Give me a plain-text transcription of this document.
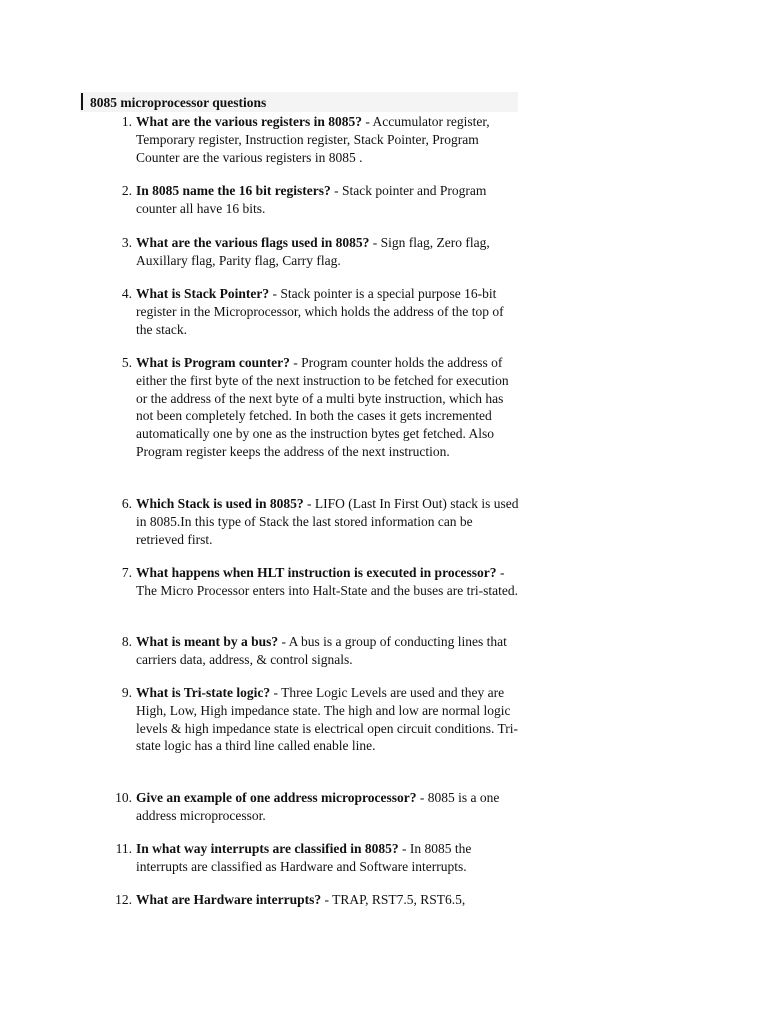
8085 microprocessor questions
1. What are the various registers in 8085? - Accumulator register, Temporary register, Instruction register, Stack Pointer, Program Counter are the various registers in 8085 .
2. In 8085 name the 16 bit registers? - Stack pointer and Program counter all have 16 bits.
3. What are the various flags used in 8085? - Sign flag, Zero flag, Auxillary flag, Parity flag, Carry flag.
4. What is Stack Pointer? - Stack pointer is a special purpose 16-bit register in the Microprocessor, which holds the address of the top of the stack.
5. What is Program counter? - Program counter holds the address of either the first byte of the next instruction to be fetched for execution or the address of the next byte of a multi byte instruction, which has not been completely fetched. In both the cases it gets incremented automatically one by one as the instruction bytes get fetched. Also Program register keeps the address of the next instruction.
6. Which Stack is used in 8085? - LIFO (Last In First Out) stack is used in 8085.In this type of Stack the last stored information can be retrieved first.
7. What happens when HLT instruction is executed in processor? - The Micro Processor enters into Halt-State and the buses are tri-stated.
8. What is meant by a bus? - A bus is a group of conducting lines that carriers data, address, & control signals.
9. What is Tri-state logic? - Three Logic Levels are used and they are High, Low, High impedance state. The high and low are normal logic levels & high impedance state is electrical open circuit conditions. Tri-state logic has a third line called enable line.
10. Give an example of one address microprocessor? - 8085 is a one address microprocessor.
11. In what way interrupts are classified in 8085? - In 8085 the interrupts are classified as Hardware and Software interrupts.
12. What are Hardware interrupts? - TRAP, RST7.5, RST6.5,
